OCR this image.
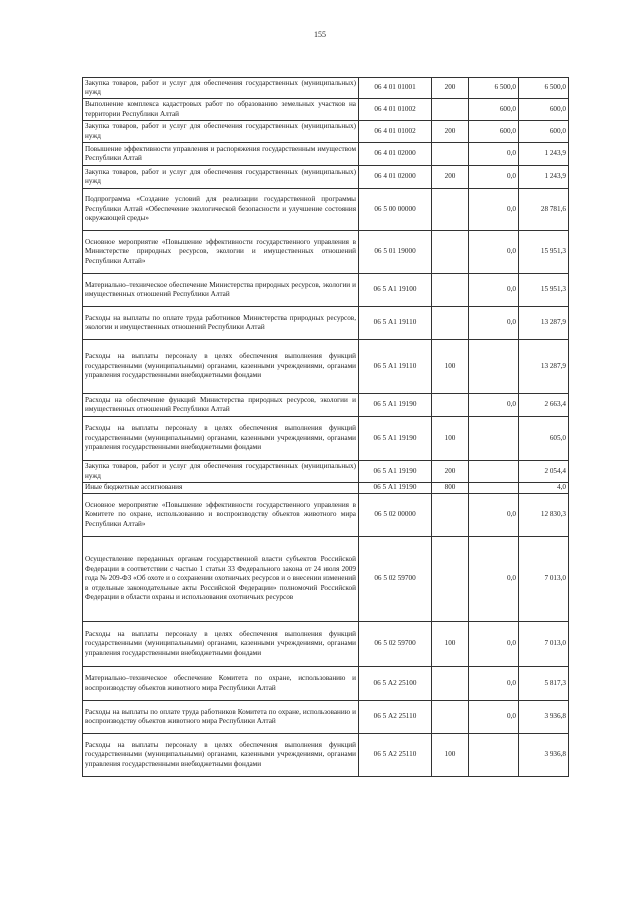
155
Закупка товаров, работ и услуг для обеспечения государственных (муниципальных) нужд	06 4 01 01001	200	6 500,0	6 500,0
Выполнение комплекса кадастровых работ по образованию земельных участков на территории Республики Алтай	06 4 01 01002		600,0	600,0
Закупка товаров, работ и услуг для обеспечения государственных (муниципальных) нужд	06 4 01 01002	200	600,0	600,0
Повышение эффективности управления и распоряжения государственным имуществом Республики Алтай	06 4 01 02000		0,0	1 243,9
Закупка товаров, работ и услуг для обеспечения государственных (муниципальных) нужд	06 4 01 02000	200	0,0	1 243,9
Подпрограмма «Создание условий для реализации государственной программы Республики Алтай «Обеспечение экологической безопасности и улучшение состояния окружающей среды»	06 5 00 00000		0,0	28 781,6
Основное мероприятие «Повышение эффективности государственного управления в Министерстве природных ресурсов, экологии и имущественных отношений Республики Алтай»	06 5 01 19000		0,0	15 951,3
Материально–техническое обеспечение Министерства природных ресурсов, экологии и имущественных отношений Республики Алтай	06 5 А1 19100		0,0	15 951,3
Расходы на выплаты по оплате труда работников Министерства природных ресурсов, экологии и имущественных отношений Республики Алтай	06 5 А1 19110		0,0	13 287,9
Расходы на выплаты персоналу в целях обеспечения выполнения функций государственными (муниципальными) органами, казенными учреждениями, органами управления государственными внебюджетными фондами	06 5 А1 19110	100		13 287,9
Расходы на обеспечение функций Министерства природных ресурсов, экологии и имущественных отношений Республики Алтай	06 5 А1 19190		0,0	2 663,4
Расходы на выплаты персоналу в целях обеспечения выполнения функций государственными (муниципальными) органами, казенными учреждениями, органами управления государственными внебюджетными фондами	06 5 А1 19190	100		605,0
Закупка товаров, работ и услуг для обеспечения государственных (муниципальных) нужд	06 5 А1 19190	200		2 054,4
Иные бюджетные ассигнования	06 5 А1 19190	800		4,0
Основное мероприятие «Повышение эффективности государственного управления в Комитете по охране, использованию и воспроизводству объектов животного мира Республики Алтай»	06 5 02 00000		0,0	12 830,3
Осуществление переданных органам государственной власти субъектов Российской Федерации в соответствии с частью 1 статьи 33 Федерального закона от 24 июля 2009 года № 209-ФЗ «Об охоте и о сохранении охотничьих ресурсов и о внесении изменений в отдельные законодательные акты Российской Федерации» полномочий Российской Федерации в области охраны и использования охотничьих ресурсов	06 5 02 59700		0,0	7 013,0
Расходы на выплаты персоналу в целях обеспечения выполнения функций государственными (муниципальными) органами, казенными учреждениями, органами управления государственными внебюджетными фондами	06 5 02 59700	100	0,0	7 013,0
Материально–техническое обеспечение Комитета по охране, использованию и воспроизводству объектов животного мира Республики Алтай	06 5 А2 25100		0,0	5 817,3
Расходы на выплаты по оплате труда работников Комитета по охране, использованию и воспроизводству объектов животного мира Республики Алтай	06 5 А2 25110		0,0	3 936,8
Расходы на выплаты персоналу в целях обеспечения выполнения функций государственными (муниципальными) органами, казенными учреждениями, органами управления государственными внебюджетными фондами	06 5 А2 25110	100		3 936,8
